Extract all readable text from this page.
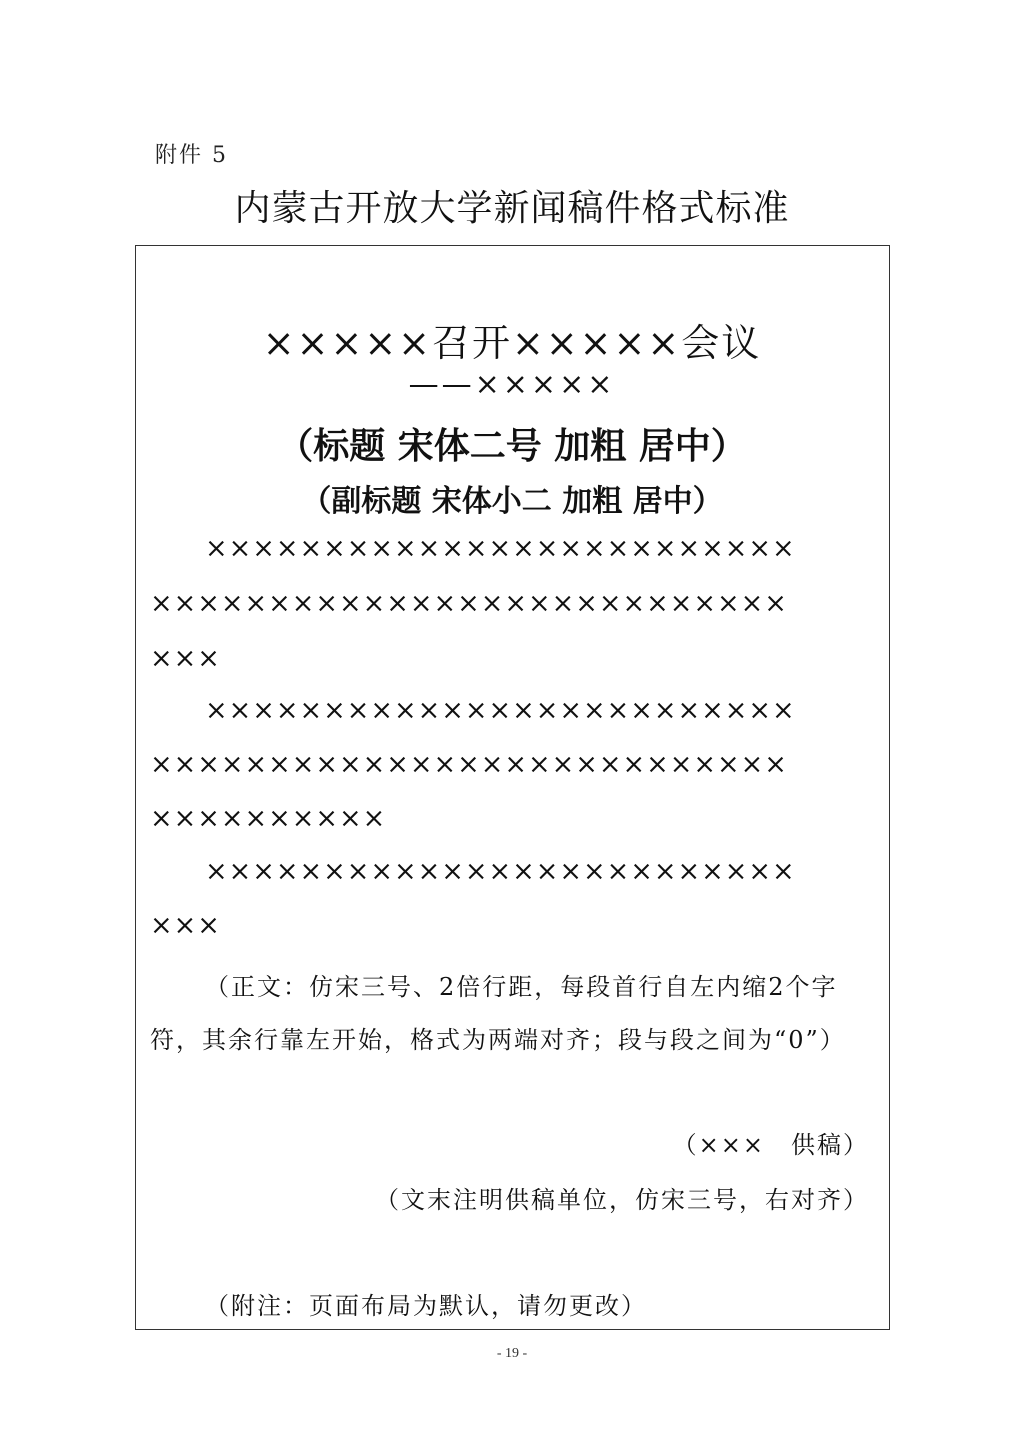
附件 5
内蒙古开放大学新闻稿件格式标准
×××××召开×××××会议
——×××××
（标题 宋体二号 加粗 居中）
（副标题 宋体小二 加粗 居中）
×××××××××××××××××××××××××
×××××××××××××××××××××××××××
×××
×××××××××××××××××××××××××
×××××××××××××××××××××××××××
××××××××××
×××××××××××××××××××××××××
×××
（正文：仿宋三号、2倍行距，每段首行自左内缩2个字
符，其余行靠左开始，格式为两端对齐；段与段之间为“0”）
（×××　供稿）
（文末注明供稿单位，仿宋三号，右对齐）
（附注：页面布局为默认，请勿更改）
- 19 -
